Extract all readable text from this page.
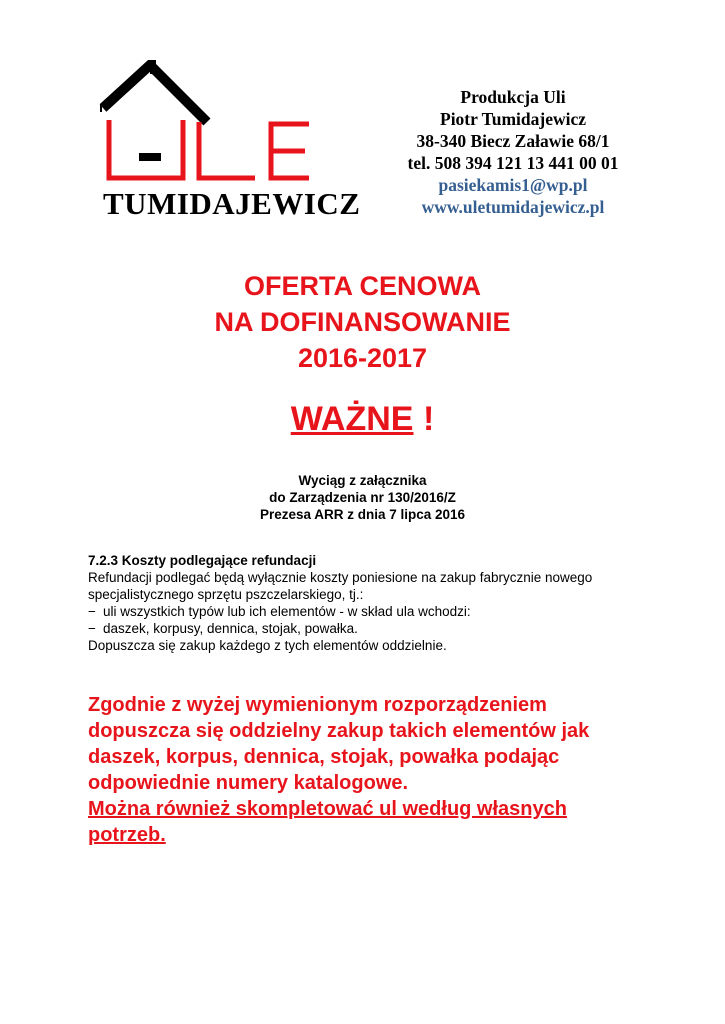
TUMIDAJEWICZ
Produkcja Uli
Piotr Tumidajewicz
38-340 Biecz Załawie 68/1
tel. 508 394 121 13 441 00 01
pasiekamis1@wp.pl
www.uletumidajewicz.pl
OFERTA CENOWA
NA DOFINANSOWANIE
2016-2017
WAŻNE !
Wyciąg z załącznika
do Zarządzenia nr 130/2016/Z
Prezesa ARR z dnia 7 lipca 2016
7.2.3 Koszty podlegające refundacji
Refundacji podlegać będą wyłącznie koszty poniesione na zakup fabrycznie nowego
specjalistycznego sprzętu pszczelarskiego, tj.:
− uli wszystkich typów lub ich elementów - w skład ula wchodzi:
− daszek, korpusy, dennica, stojak, powałka.
Dopuszcza się zakup każdego z tych elementów oddzielnie.
Zgodnie z wyżej wymienionym rozporządzeniem
dopuszcza się oddzielny zakup takich elementów jak
daszek, korpus, dennica, stojak, powałka podając
odpowiednie numery katalogowe.
Można również skompletować ul według własnych
potrzeb.
